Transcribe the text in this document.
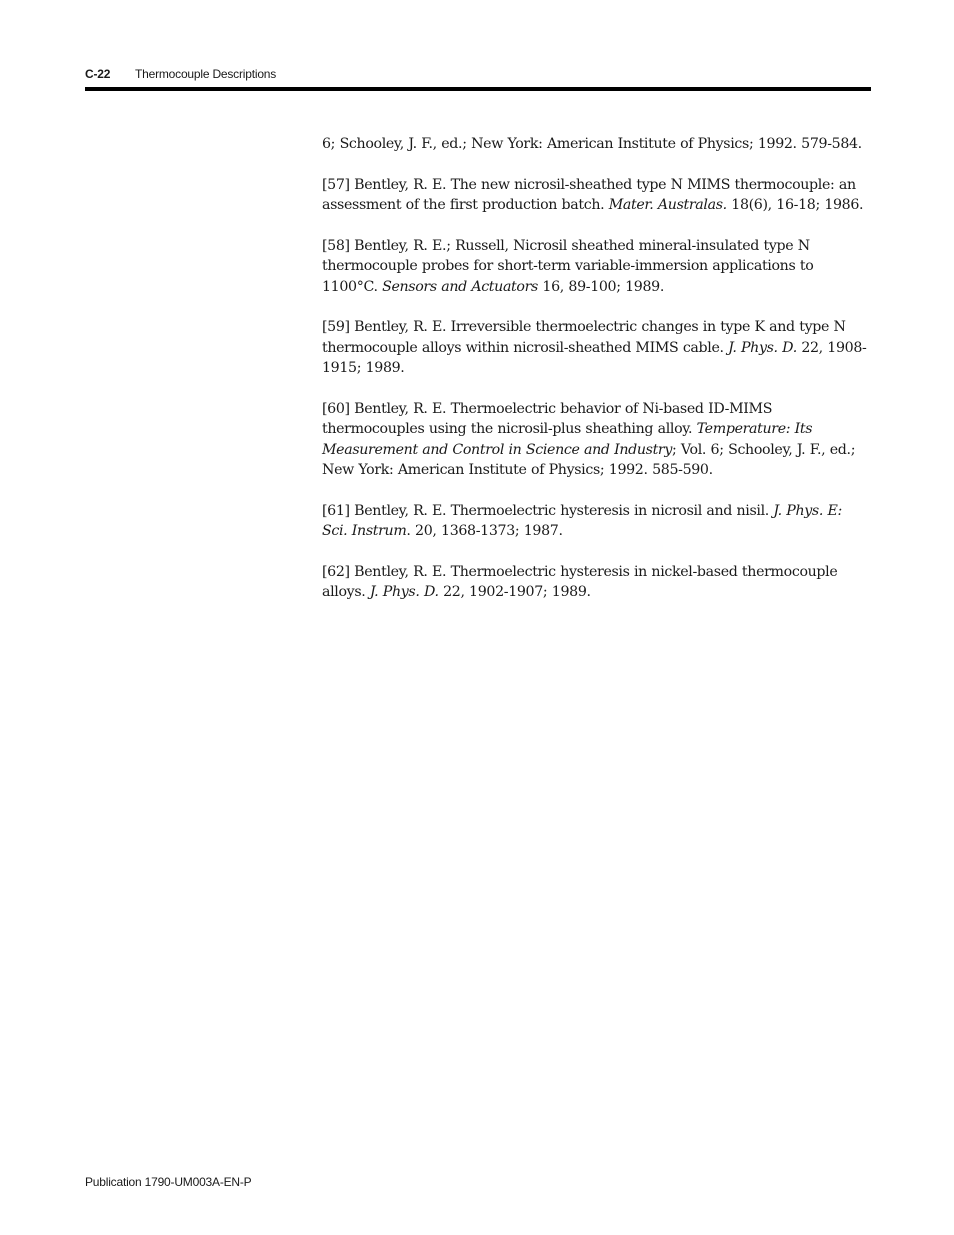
C-22 Thermocouple Descriptions

6; Schooley, J. F., ed.; New York: American Institute of Physics; 1992. 579-584.

[57] Bentley, R. E. The new nicrosil-sheathed type N MIMS thermocouple: an assessment of the first production batch. Mater. Australas. 18(6), 16-18; 1986.

[58] Bentley, R. E.; Russell, Nicrosil sheathed mineral-insulated type N thermocouple probes for short-term variable-immersion applications to 1100°C. Sensors and Actuators 16, 89-100; 1989.

[59] Bentley, R. E. Irreversible thermoelectric changes in type K and type N thermocouple alloys within nicrosil-sheathed MIMS cable. J. Phys. D. 22, 1908-1915; 1989.

[60] Bentley, R. E. Thermoelectric behavior of Ni-based ID-MIMS thermocouples using the nicrosil-plus sheathing alloy. Temperature: Its Measurement and Control in Science and Industry; Vol. 6; Schooley, J. F., ed.; New York: American Institute of Physics; 1992. 585-590.

[61] Bentley, R. E. Thermoelectric hysteresis in nicrosil and nisil. J. Phys. E: Sci. Instrum. 20, 1368-1373; 1987.

[62] Bentley, R. E. Thermoelectric hysteresis in nickel-based thermocouple alloys. J. Phys. D. 22, 1902-1907; 1989.

Publication 1790-UM003A-EN-P
